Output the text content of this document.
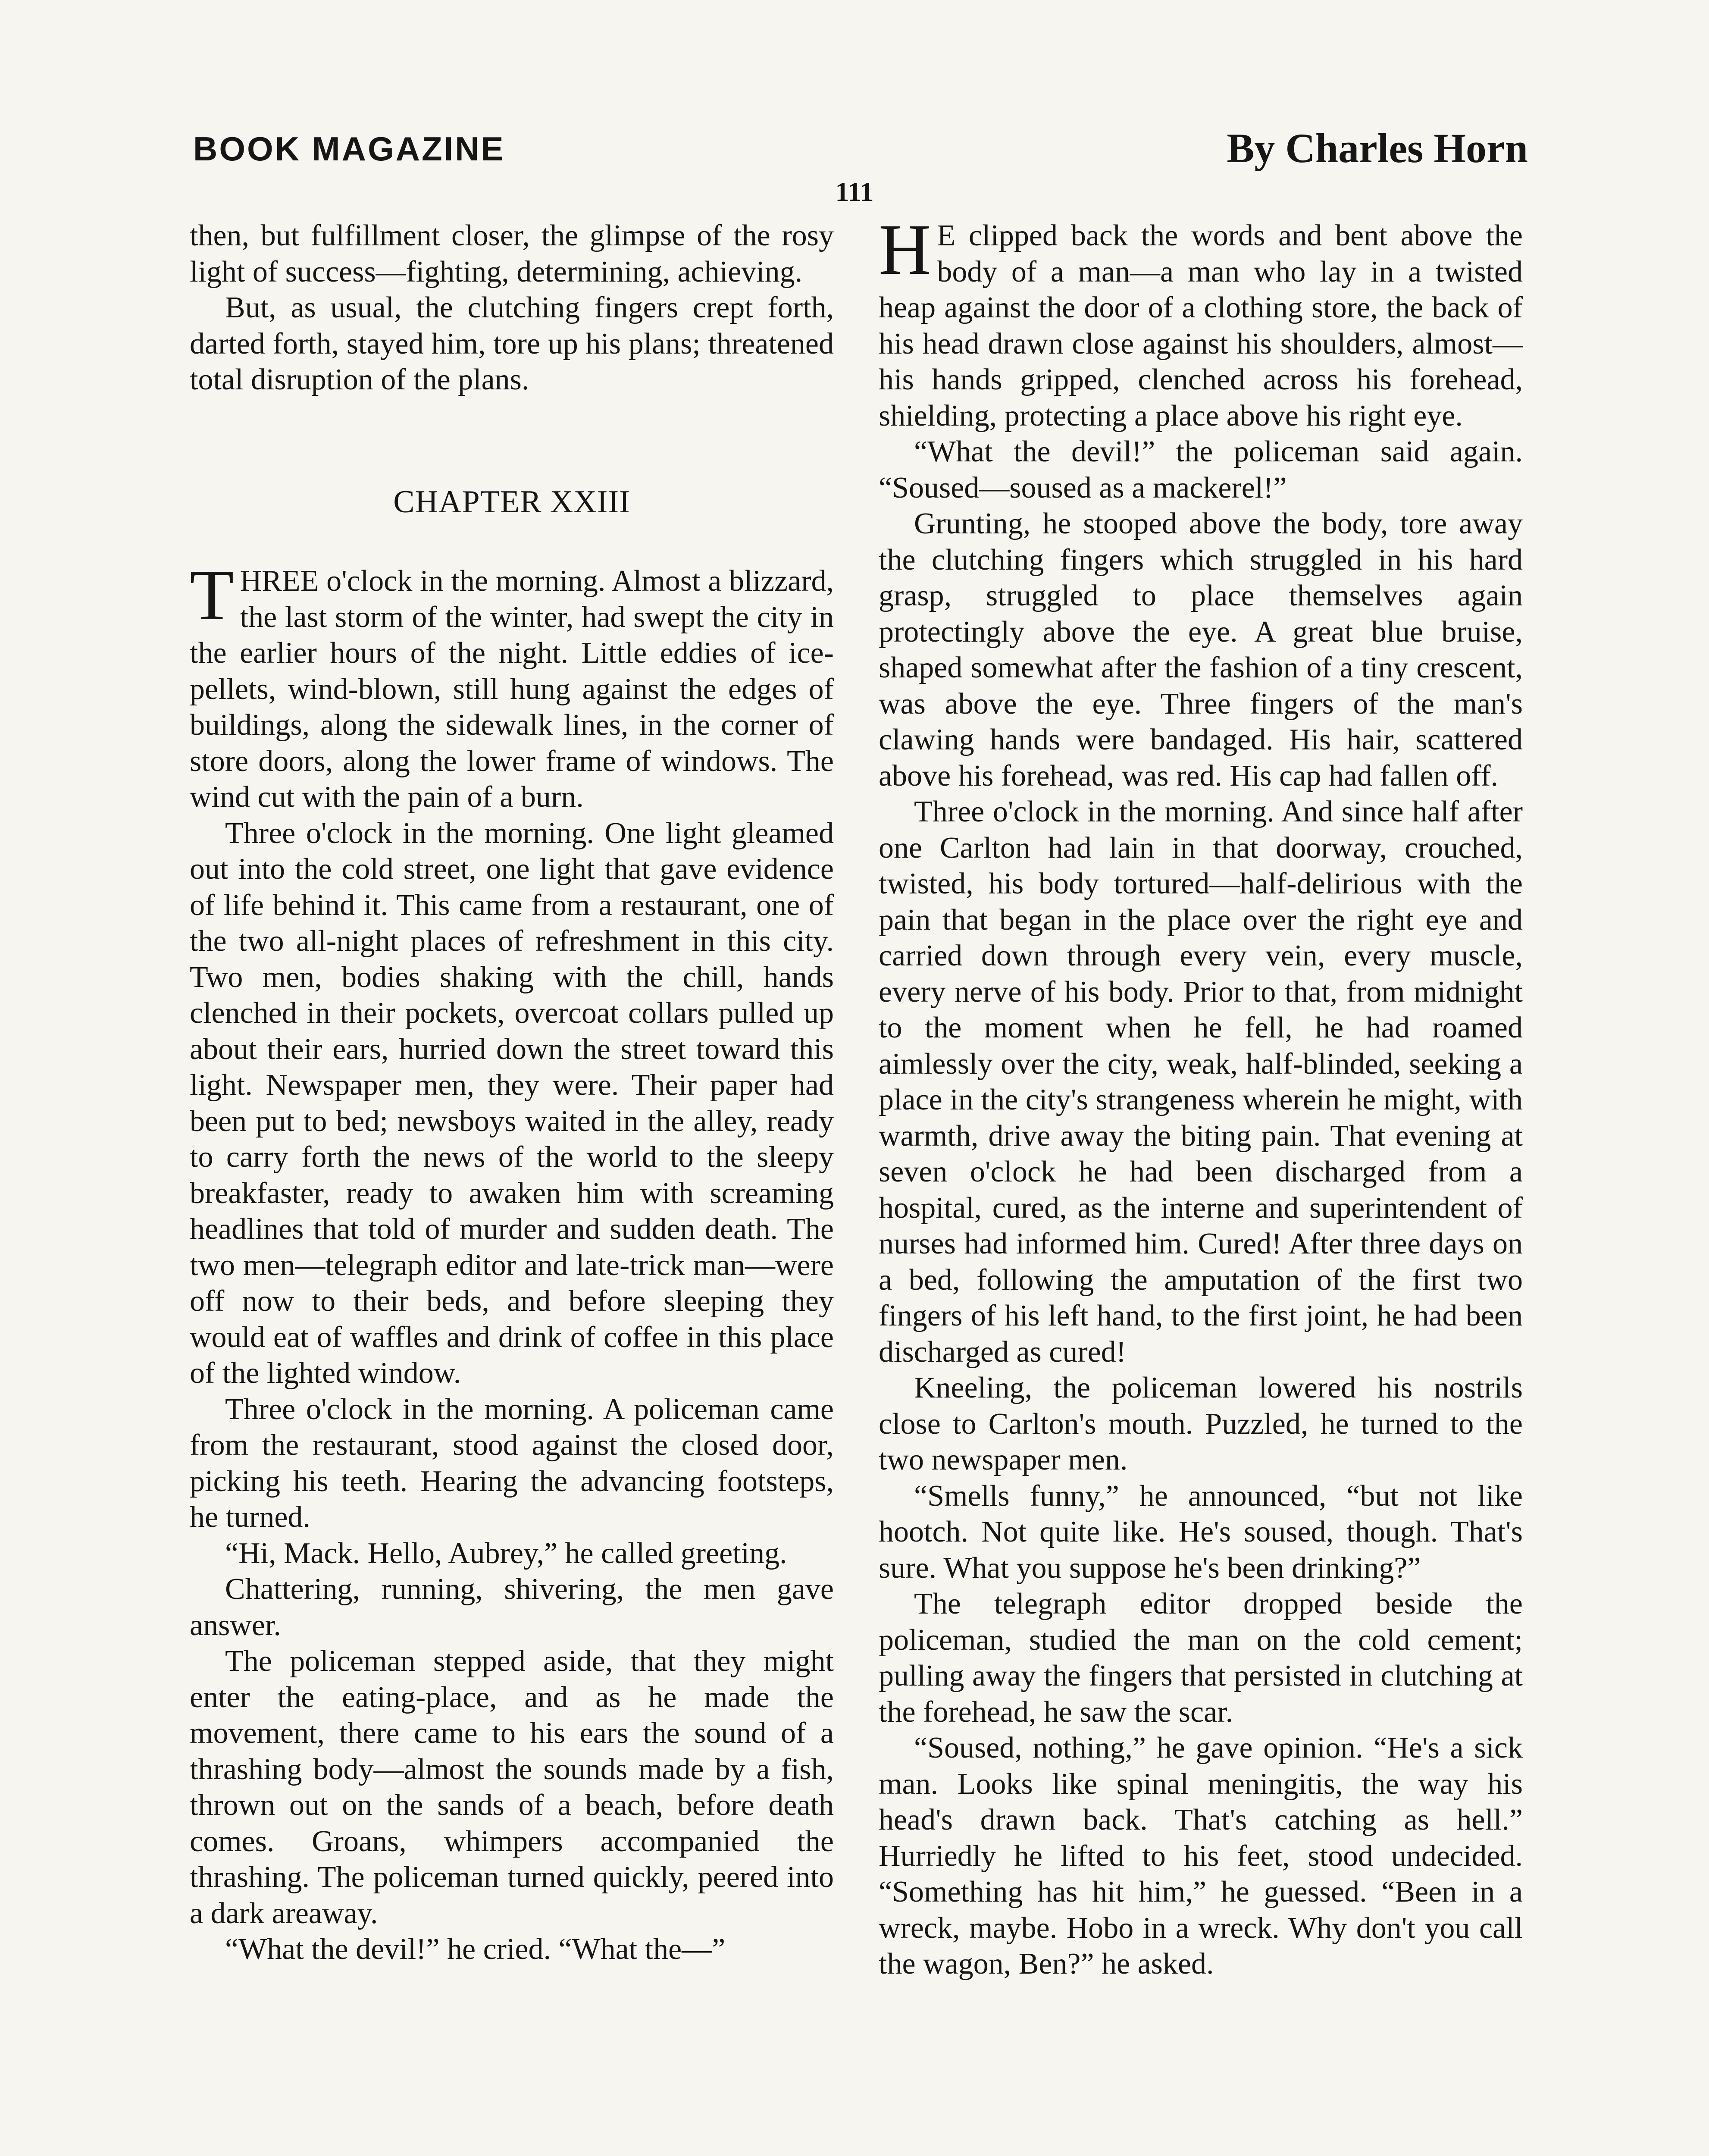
BOOK MAGAZINE	By Charles Horn
111

then, but fulfillment closer, the glimpse of the rosy light of success—fighting, determining, achieving.

But, as usual, the clutching fingers crept forth, darted forth, stayed him, tore up his plans; threatened total disruption of the plans.

CHAPTER XXIII

THREE o'clock in the morning. Almost a blizzard, the last storm of the winter, had swept the city in the earlier hours of the night. Little eddies of ice-pellets, wind-blown, still hung against the edges of buildings, along the sidewalk lines, in the corner of store doors, along the lower frame of windows. The wind cut with the pain of a burn.

Three o'clock in the morning. One light gleamed out into the cold street, one light that gave evidence of life behind it. This came from a restaurant, one of the two all-night places of refreshment in this city. Two men, bodies shaking with the chill, hands clenched in their pockets, overcoat collars pulled up about their ears, hurried down the street toward this light. Newspaper men, they were. Their paper had been put to bed; newsboys waited in the alley, ready to carry forth the news of the world to the sleepy breakfaster, ready to awaken him with screaming headlines that told of murder and sudden death. The two men—telegraph editor and late-trick man—were off now to their beds, and before sleeping they would eat of waffles and drink of coffee in this place of the lighted window.

Three o'clock in the morning. A policeman came from the restaurant, stood against the closed door, picking his teeth. Hearing the advancing footsteps, he turned.

“Hi, Mack. Hello, Aubrey,” he called greeting.

Chattering, running, shivering, the men gave answer.

The policeman stepped aside, that they might enter the eating-place, and as he made the movement, there came to his ears the sound of a thrashing body—almost the sounds made by a fish, thrown out on the sands of a beach, before death comes. Groans, whimpers accompanied the thrashing. The policeman turned quickly, peered into a dark areaway.

“What the devil!” he cried. “What the—”

H E clipped back the words and bent above the body of a man—a man who lay in a twisted heap against the door of a clothing store, the back of his head drawn close against his shoulders, almost—his hands gripped, clenched across his forehead, shielding, protecting a place above his right eye.

“What the devil!” the policeman said again. “Soused—soused as a mackerel!”

Grunting, he stooped above the body, tore away the clutching fingers which struggled in his hard grasp, struggled to place themselves again protectingly above the eye. A great blue bruise, shaped somewhat after the fashion of a tiny crescent, was above the eye. Three fingers of the man's clawing hands were bandaged. His hair, scattered above his forehead, was red. His cap had fallen off.

Three o'clock in the morning. And since half after one Carlton had lain in that doorway, crouched, twisted, his body tortured—half-delirious with the pain that began in the place over the right eye and carried down through every vein, every muscle, every nerve of his body. Prior to that, from midnight to the moment when he fell, he had roamed aimlessly over the city, weak, half-blinded, seeking a place in the city's strangeness wherein he might, with warmth, drive away the biting pain. That evening at seven o'clock he had been discharged from a hospital, cured, as the interne and superintendent of nurses had informed him. Cured! After three days on a bed, following the amputation of the first two fingers of his left hand, to the first joint, he had been discharged as cured!

Kneeling, the policeman lowered his nostrils close to Carlton's mouth. Puzzled, he turned to the two newspaper men.

“Smells funny,” he announced, “but not like hootch. Not quite like. He's soused, though. That's sure. What you suppose he's been drinking?”

The telegraph editor dropped beside the policeman, studied the man on the cold cement; pulling away the fingers that persisted in clutching at the forehead, he saw the scar.

“Soused, nothing,” he gave opinion. “He's a sick man. Looks like spinal meningitis, the way his head's drawn back. That's catching as hell.” Hurriedly he lifted to his feet, stood undecided. “Something has hit him,” he guessed. “Been in a wreck, maybe. Hobo in a wreck. Why don't you call the wagon, Ben?” he asked.
